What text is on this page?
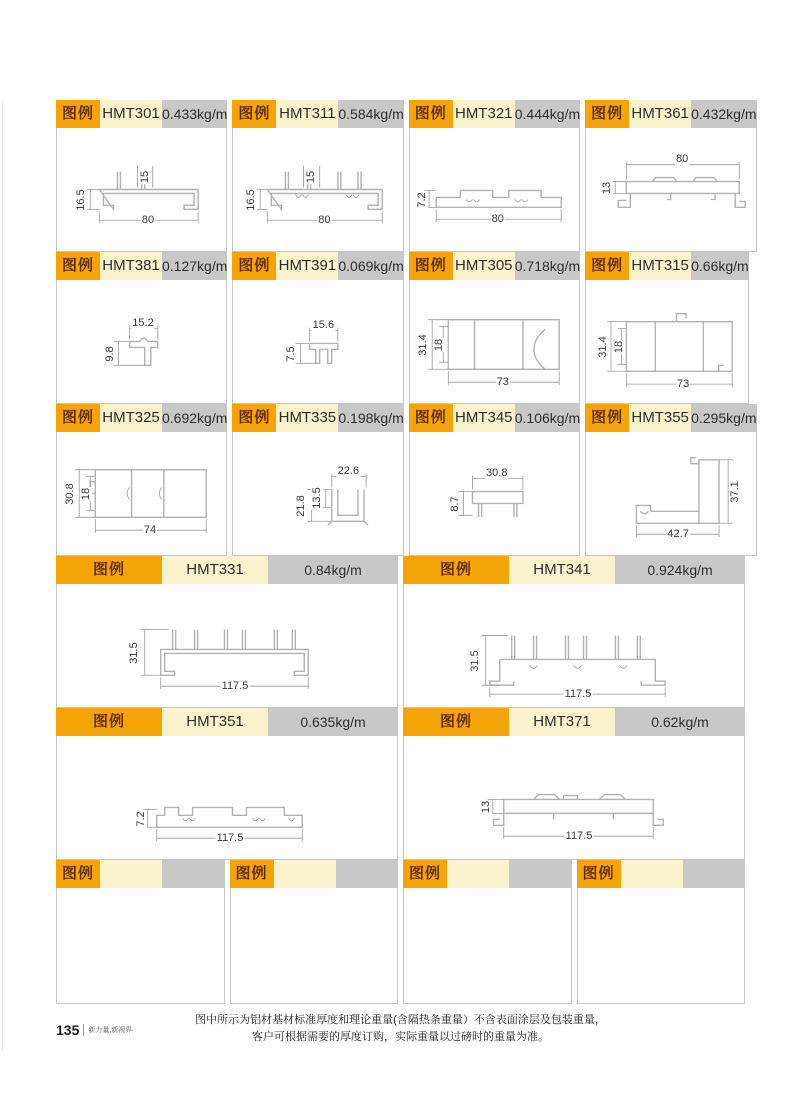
图例 HMT301 0.433kg/m
16.5
15
80
图例 HMT311 0.584kg/m
16.5
15
80
图例 HMT321 0.444kg/m
7.2
80
图例 HMT361 0.432kg/m
80
13
图例 HMT381 0.127kg/m
15.2
9.8
图例 HMT391 0.069kg/m
15.6
7.5
图例 HMT305 0.718kg/m
31.4 18
73
图例 HMT315 0.66kg/m
31.4 18
73
图例 HMT325 0.692kg/m
30.8 18
74
图例 HMT335 0.198kg/m
22.6
13.5
21.8
图例 HMT345 0.106kg/m
30.8
8.7
图例 HMT355 0.295kg/m
37.1
42.7
图例	HMT331	0.84kg/m
31.5
117.5
图例	HMT341	0.924kg/m
31.5
117.5
图例	HMT351	0.635kg/m
7.2
117.5
图例	HMT371	0.62kg/m
13
117.5
图例	图例	图例	图例
图中所示为铝材基材标准厚度和理论重量(含隔热条重量）不含表面涂层及包装重量，
客户可根据需要的厚度订购，实际重量以过磅时的重量为准。
135 新力量,新视界
